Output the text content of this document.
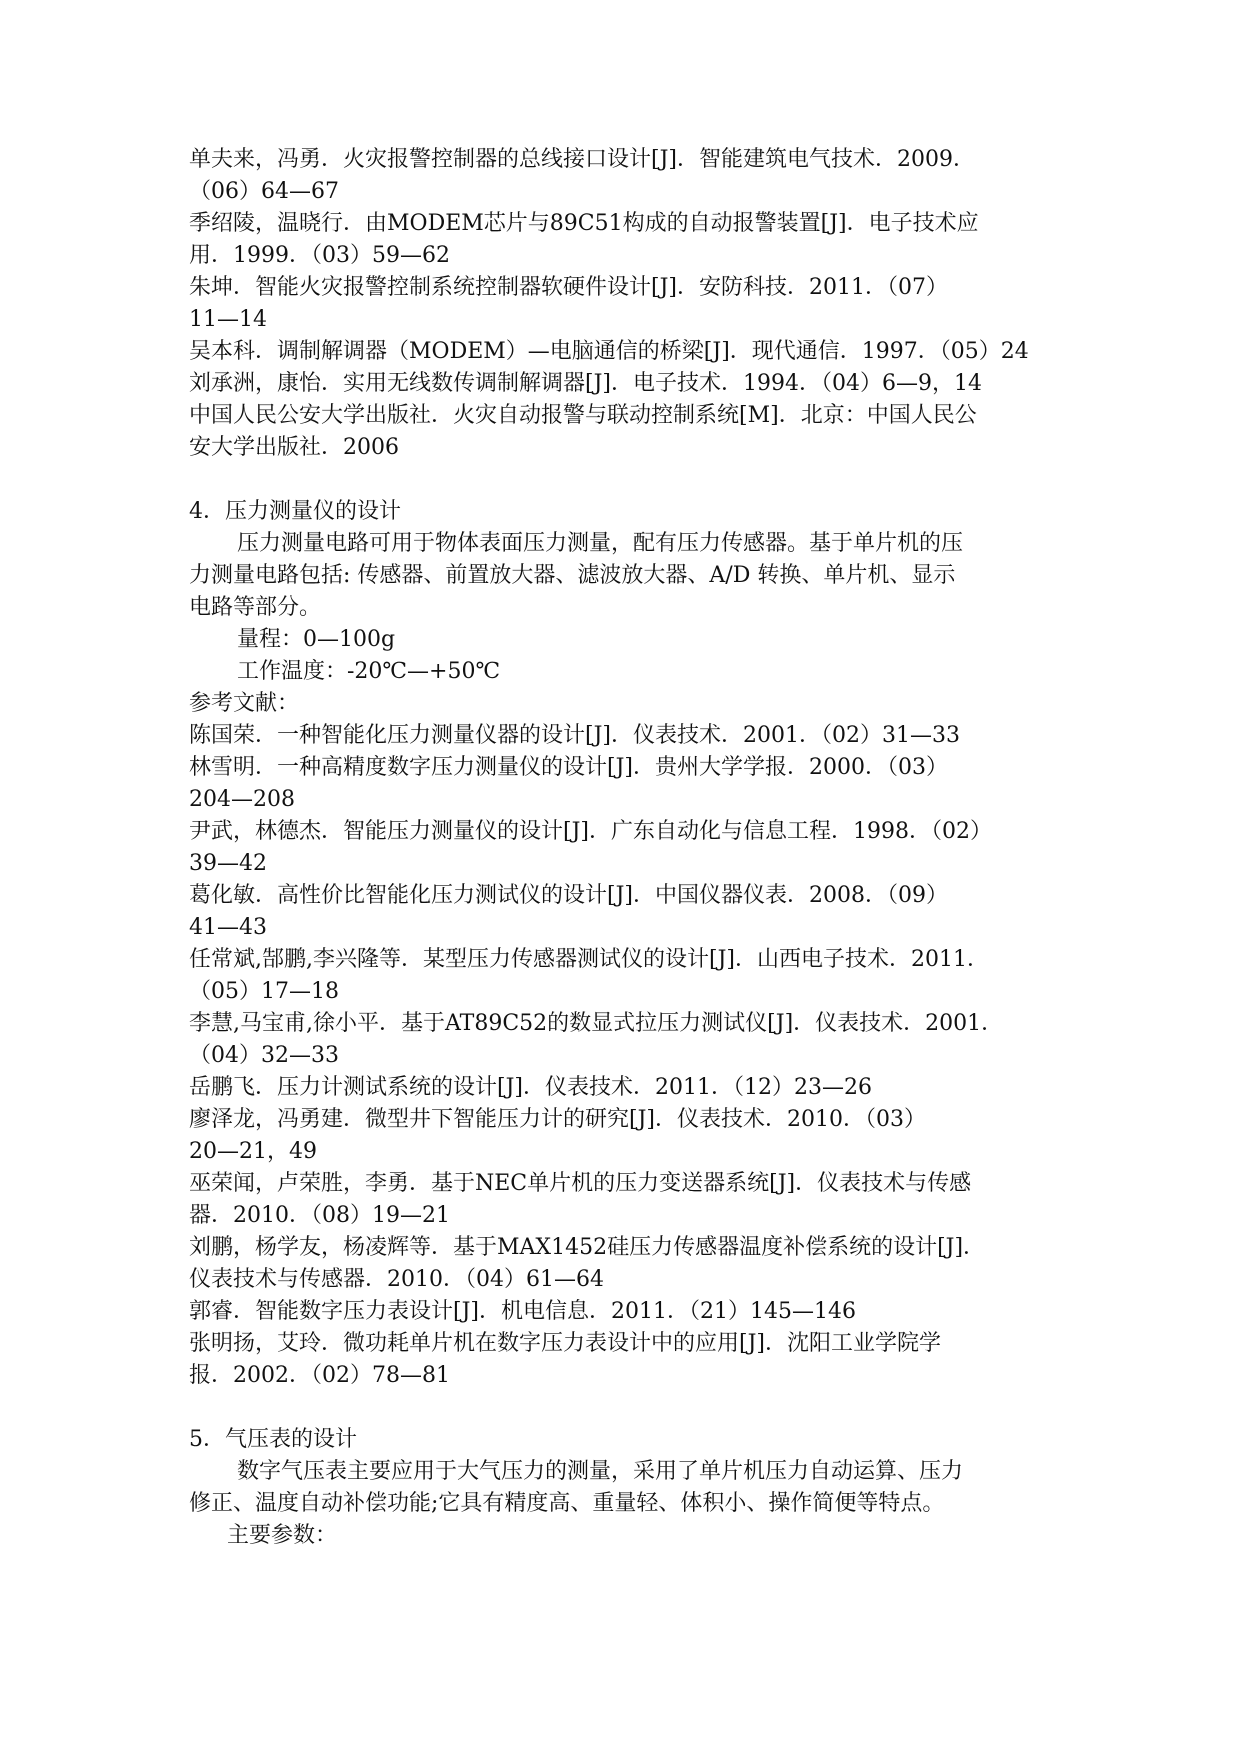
单夫来，冯勇．火灾报警控制器的总线接口设计[J]．智能建筑电气技术．2009．
（06）64—67

季绍陵，温晓行．由MODEM芯片与89C51构成的自动报警装置[J]．电子技术应
用．1999．（03）59—62

朱坤．智能火灾报警控制系统控制器软硬件设计[J]．安防科技．2011．（07）
11—14

吴本科．调制解调器（MODEM）—电脑通信的桥梁[J]．现代通信．1997．（05）24

刘承洲，康怡．实用无线数传调制解调器[J]．电子技术．1994．（04）6—9，14

中国人民公安大学出版社．火灾自动报警与联动控制系统[M]．北京：中国人民公
安大学出版社．2006

4．压力测量仪的设计

压力测量电路可用于物体表面压力测量，配有压力传感器。基于单片机的压

力测量电路包括: 传感器、前置放大器、滤波放大器、A/D 转换、单片机、显示

电路等部分。

量程：0—100g

工作温度：-20℃—+50℃

参考文献：

陈国荣．一种智能化压力测量仪器的设计[J]．仪表技术．2001．（02）31—33

林雪明．一种高精度数字压力测量仪的设计[J]．贵州大学学报．2000．（03）
204—208

尹武，林德杰．智能压力测量仪的设计[J]．广东自动化与信息工程．1998．（02）
39—42

葛化敏．高性价比智能化压力测试仪的设计[J]．中国仪器仪表．2008．（09）
41—43

任常斌,郜鹏,李兴隆等．某型压力传感器测试仪的设计[J]．山西电子技术．2011．
（05）17—18

李慧,马宝甫,徐小平．基于AT89C52的数显式拉压力测试仪[J]．仪表技术．2001．
（04）32—33

岳鹏飞．压力计测试系统的设计[J]．仪表技术．2011．（12）23—26

廖泽龙，冯勇建．微型井下智能压力计的研究[J]．仪表技术．2010．（03）
20—21，49

巫荣闻，卢荣胜，李勇．基于NEC单片机的压力变送器系统[J]．仪表技术与传感
器．2010．（08）19—21

刘鹏，杨学友，杨凌辉等．基于MAX1452硅压力传感器温度补偿系统的设计[J]．
仪表技术与传感器．2010．（04）61—64

郭睿．智能数字压力表设计[J]．机电信息．2011．（21）145—146

张明扬，艾玲．微功耗单片机在数字压力表设计中的应用[J]．沈阳工业学院学
报．2002．（02）78—81

5．气压表的设计

数字气压表主要应用于大气压力的测量，采用了单片机压力自动运算、压力

修正、温度自动补偿功能;它具有精度高、重量轻、体积小、操作简便等特点。

主要参数：
